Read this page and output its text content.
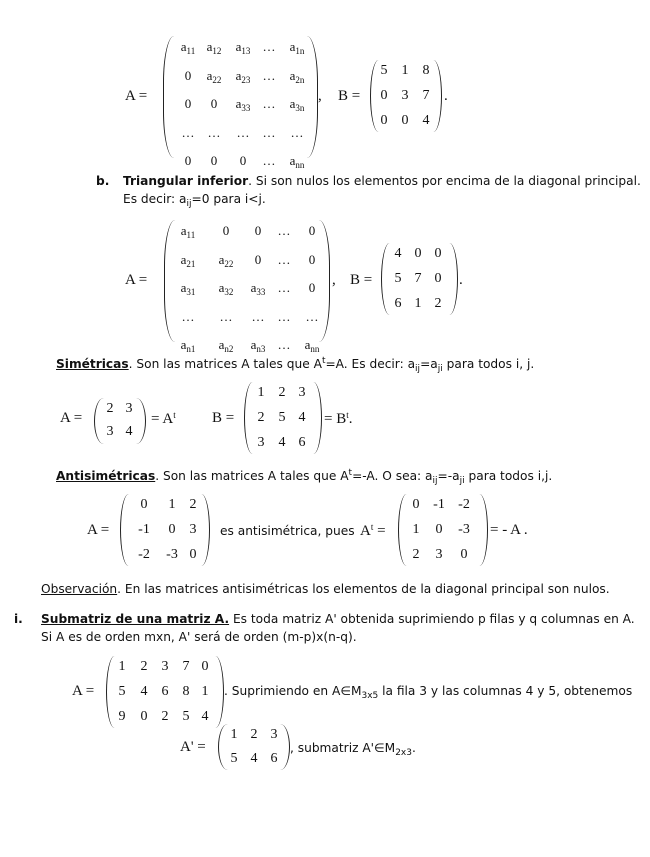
A =	, B =	.
b. Triangular inferior. Si son nulos los elementos por encima de la diagonal principal.
Es decir: $a_{ij}=0$ para i<j.
A =	, B =	.
Simétricas. Son las matrices A tales que $A^t=A$. Es decir: $a_{ij}=a_{ji}$ para todos i, j.
A =	= $A^t$ B =	= $B^t$.
Antisimétricas. Son las matrices A tales que $A^t=-A$. O sea: $a_{ij}=-a_{ji}$ para todos i,j.
A =	es antisimétrica, pues $A^t$ =	= - A .
Observación. En las matrices antisimétricas los elementos de la diagonal principal son nulos.
i. Submatriz de una matriz A. Es toda matriz A' obtenida suprimiendo p filas y q columnas en A.
Si A es de orden mxn, A' será de orden (m-p)x(n-q).
A =	. Suprimiendo en $A\in M_{3x5}$ la fila 3 y las columnas 4 y 5, obtenemos
A' =	, submatriz $A'\in M_{2x3}$.
$a_{11}$ $a_{12}$	$a_{13}$ …	$a_{1n}$
0	$a_{22}$	$a_{23}$ …	$a_{2n}$
0	0	$a_{33}$ …	$a_{3n}$
…	…	…	…	…
0	0	0	…	$a_{nn}$
5	1	8
0	3	7
0	0	4
$a_{11}$	0	0	…	0
$a_{21}$	$a_{22}$	0	…	0
$a_{31}$	$a_{32}$	$a_{33}$ …	0
…	…	…	…	…
$a_{n1}$	$a_{n2}$	$a_{n3}$ …	$a_{nn}$
4 0 0
5 7 0
6 1 2
2 3
3 4
1	2 3
2	5 4
3	4 6
0	1	2
-1	0	3
-2	-3 0
0 -1 -2
1	0	-3
2	3	0
1	2	3	7 0
5	4	6	8 1
9	0	2	5 4
1 2 3
5 4 6
